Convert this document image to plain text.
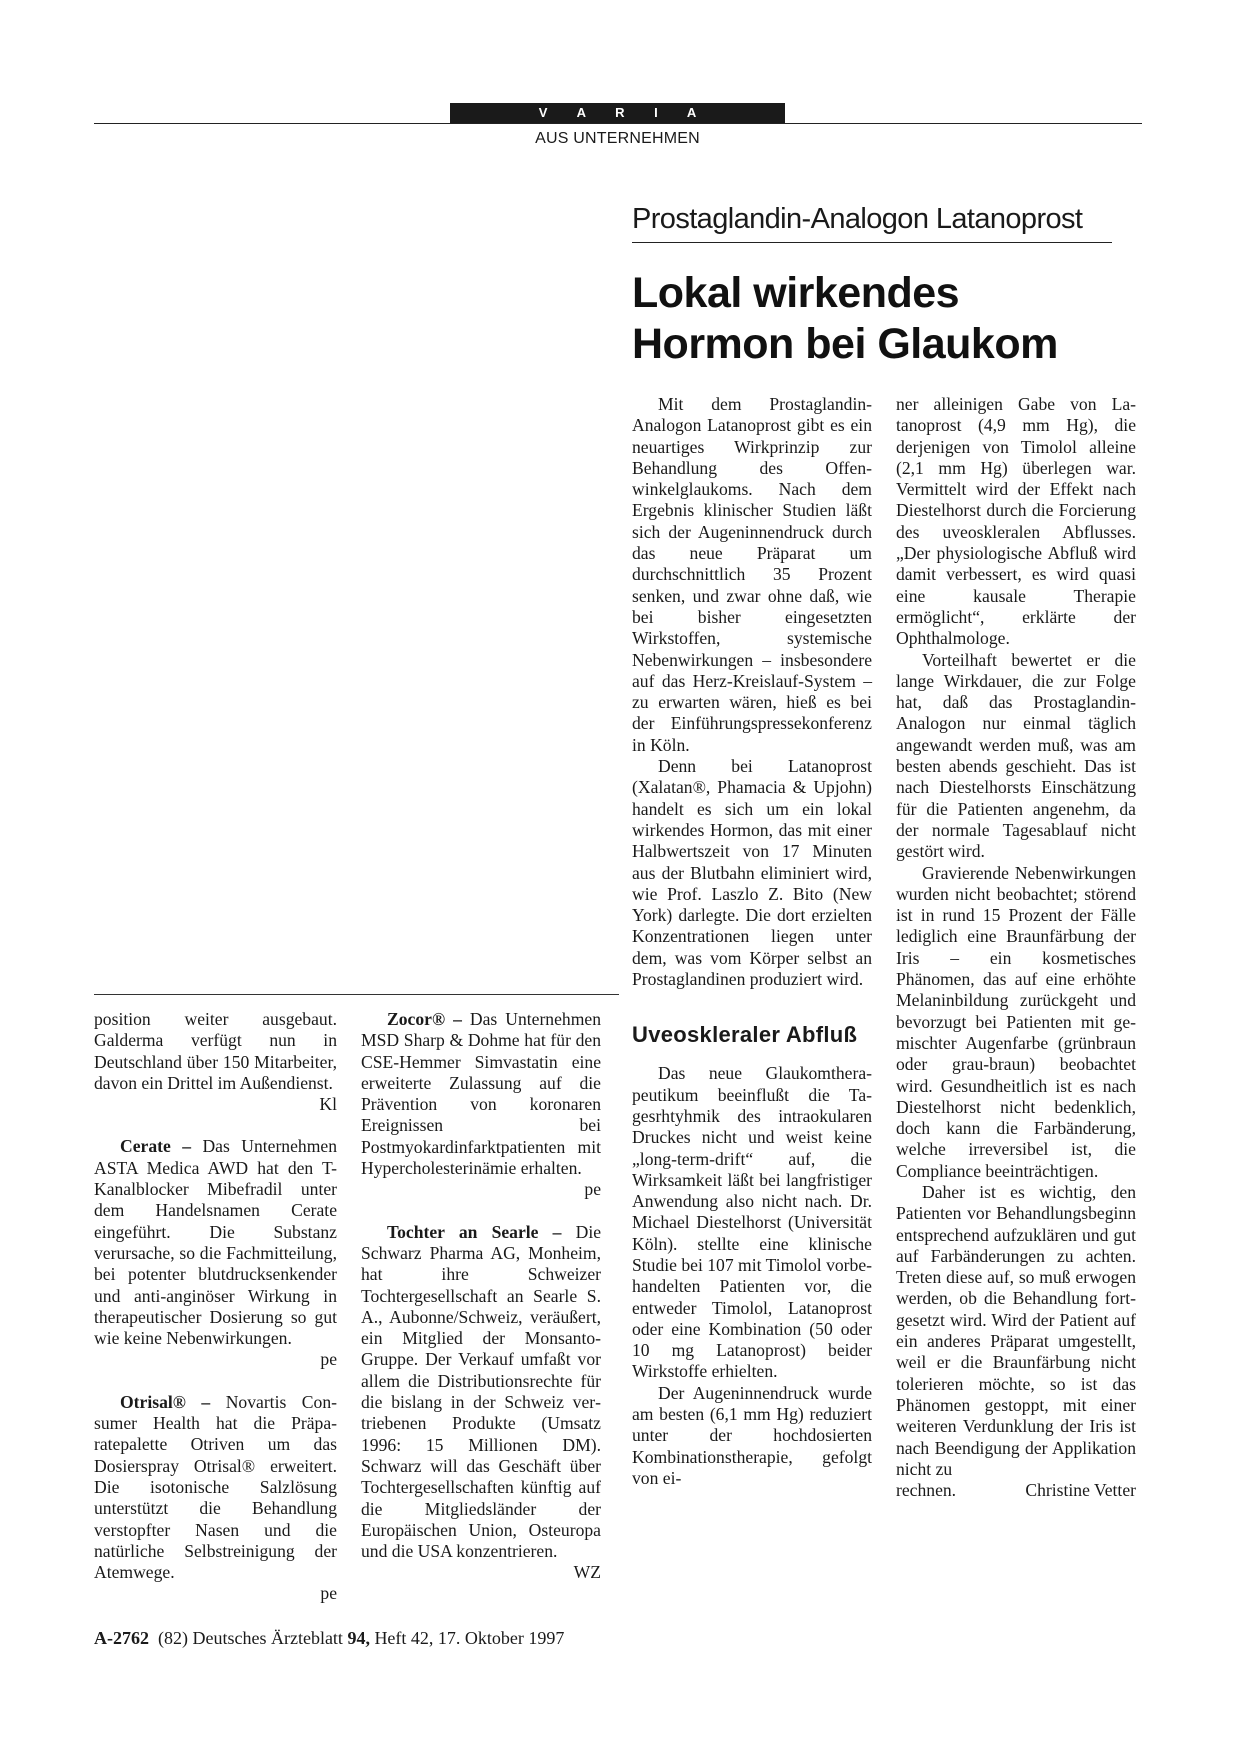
V A R I A
AUS UNTERNEHMEN
Prostaglandin-Analogon Latanoprost
Lokal wirkendes
Hormon bei Glaukom

Mit dem Prostaglandin-Analogon Latanoprost gibt es ein neuartiges Wirkprinzip zur Behandlung des Offenwinkelglaukoms. Nach dem Ergebnis klinischer Studien läßt sich der Augeninnendruck durch das neue Präparat um durchschnittlich 35 Prozent senken, und zwar ohne daß, wie bei bisher eingesetzten Wirkstoffen, systemische Nebenwirkungen – insbesondere auf das Herz-Kreislauf-System – zu erwarten wären, hieß es bei der Einführungspressekonferenz in Köln.

Denn bei Latanoprost (Xalatan®, Phamacia & Upjohn) handelt es sich um ein lokal wirkendes Hormon, das mit einer Halbwertszeit von 17 Minuten aus der Blutbahn eliminiert wird, wie Prof. Laszlo Z. Bito (New York) darlegte. Die dort erzielten Konzentrationen liegen unter dem, was vom Körper selbst an Prostaglandinen produziert wird.

Uveoskleraler Abfluß

Das neue Glaukomtherapeutikum beeinflußt die Tagesrhtyhmik des intraokularen Druckes nicht und weist keine „long-term-drift“ auf, die Wirksamkeit läßt bei langfristiger Anwendung also nicht nach. Dr. Michael Diestelhorst (Universität Köln). stellte eine klinische Studie bei 107 mit Timolol vorbehandelten Patienten vor, die entweder Timolol, Latanoprost oder eine Kombination (50 oder 10 mg Latanoprost) beider Wirkstoffe erhielten.

Der Augeninnendruck wurde am besten (6,1 mm Hg) reduziert unter der hochdosierten Kombinationstherapie, gefolgt von ei-

ner alleinigen Gabe von Latanoprost (4,9 mm Hg), die derjenigen von Timolol alleine (2,1 mm Hg) überlegen war. Vermittelt wird der Effekt nach Diestelhorst durch die Forcierung des uveoskleralen Abflusses. „Der physiologische Abfluß wird damit verbessert, es wird quasi eine kausale Therapie ermöglicht“, erklärte der Ophthalmologe.

Vorteilhaft bewertet er die lange Wirkdauer, die zur Folge hat, daß das Prostaglandin-Analogon nur einmal täglich angewandt werden muß, was am besten abends geschieht. Das ist nach Diestelhorsts Einschätzung für die Patienten angenehm, da der normale Tagesablauf nicht gestört wird.

Gravierende Nebenwirkungen wurden nicht beobachtet; störend ist in rund 15 Prozent der Fälle lediglich eine Braunfärbung der Iris – ein kosmetisches Phänomen, das auf eine erhöhte Melaninbildung zurückgeht und bevorzugt bei Patienten mit gemischter Augenfarbe (grünbraun oder grau-braun) beobachtet wird. Gesundheitlich ist es nach Diestelhorst nicht bedenklich, doch kann die Farbänderung, welche irreversibel ist, die Compliance beeinträchtigen.

Daher ist es wichtig, den Patienten vor Behandlungsbeginn entsprechend aufzuklären und gut auf Farbänderungen zu achten. Treten diese auf, so muß erwogen werden, ob die Behandlung fortgesetzt wird. Wird der Patient auf ein anderes Präparat umgestellt, weil er die Braunfärbung nicht tolerieren möchte, so ist das Phänomen gestoppt, mit einer weiteren Verdunklung der Iris ist nach Beendigung der Applikation nicht zu

rechnen.	Christine Vetter

position weiter ausgebaut. Galderma verfügt nun in Deutschland über 150 Mitarbeiter, davon ein Drittel im Außendienst.
Kl

Cerate – Das Unternehmen ASTA Medica AWD hat den T-Kanalblocker Mibefradil unter dem Handelsnamen Cerate eingeführt. Die Substanz verursache, so die Fachmitteilung, bei potenter blutdrucksenkender und anti-anginöser Wirkung in therapeutischer Dosierung so gut wie keine Nebenwirkungen.
pe

Otrisal® – Novartis Consumer Health hat die Präparatepalette Otriven um das Dosierspray Otrisal® erweitert. Die isotonische Salzlösung unterstützt die Behandlung verstopfter Nasen und die natürliche Selbstreinigung der Atemwege.
pe

Zocor® – Das Unternehmen MSD Sharp & Dohme hat für den CSE-Hemmer Simvastatin eine erweiterte Zulassung auf die Prävention von koronaren Ereignissen bei Postmyokardinfarktpatienten mit Hypercholesterinämie erhalten.
pe

Tochter an Searle – Die Schwarz Pharma AG, Monheim, hat ihre Schweizer Tochtergesellschaft an Searle S. A., Aubonne/Schweiz, veräußert, ein Mitglied der Monsanto-Gruppe. Der Verkauf umfaßt vor allem die Distributionsrechte für die bislang in der Schweiz vertriebenen Produkte (Umsatz 1996: 15 Millionen DM). Schwarz will das Geschäft über Tochtergesellschaften künftig auf die Mitgliedsländer der Europäischen Union, Osteuropa und die USA konzentrieren.
WZ

A-2762 (82) Deutsches Ärzteblatt 94, Heft 42, 17. Oktober 1997
